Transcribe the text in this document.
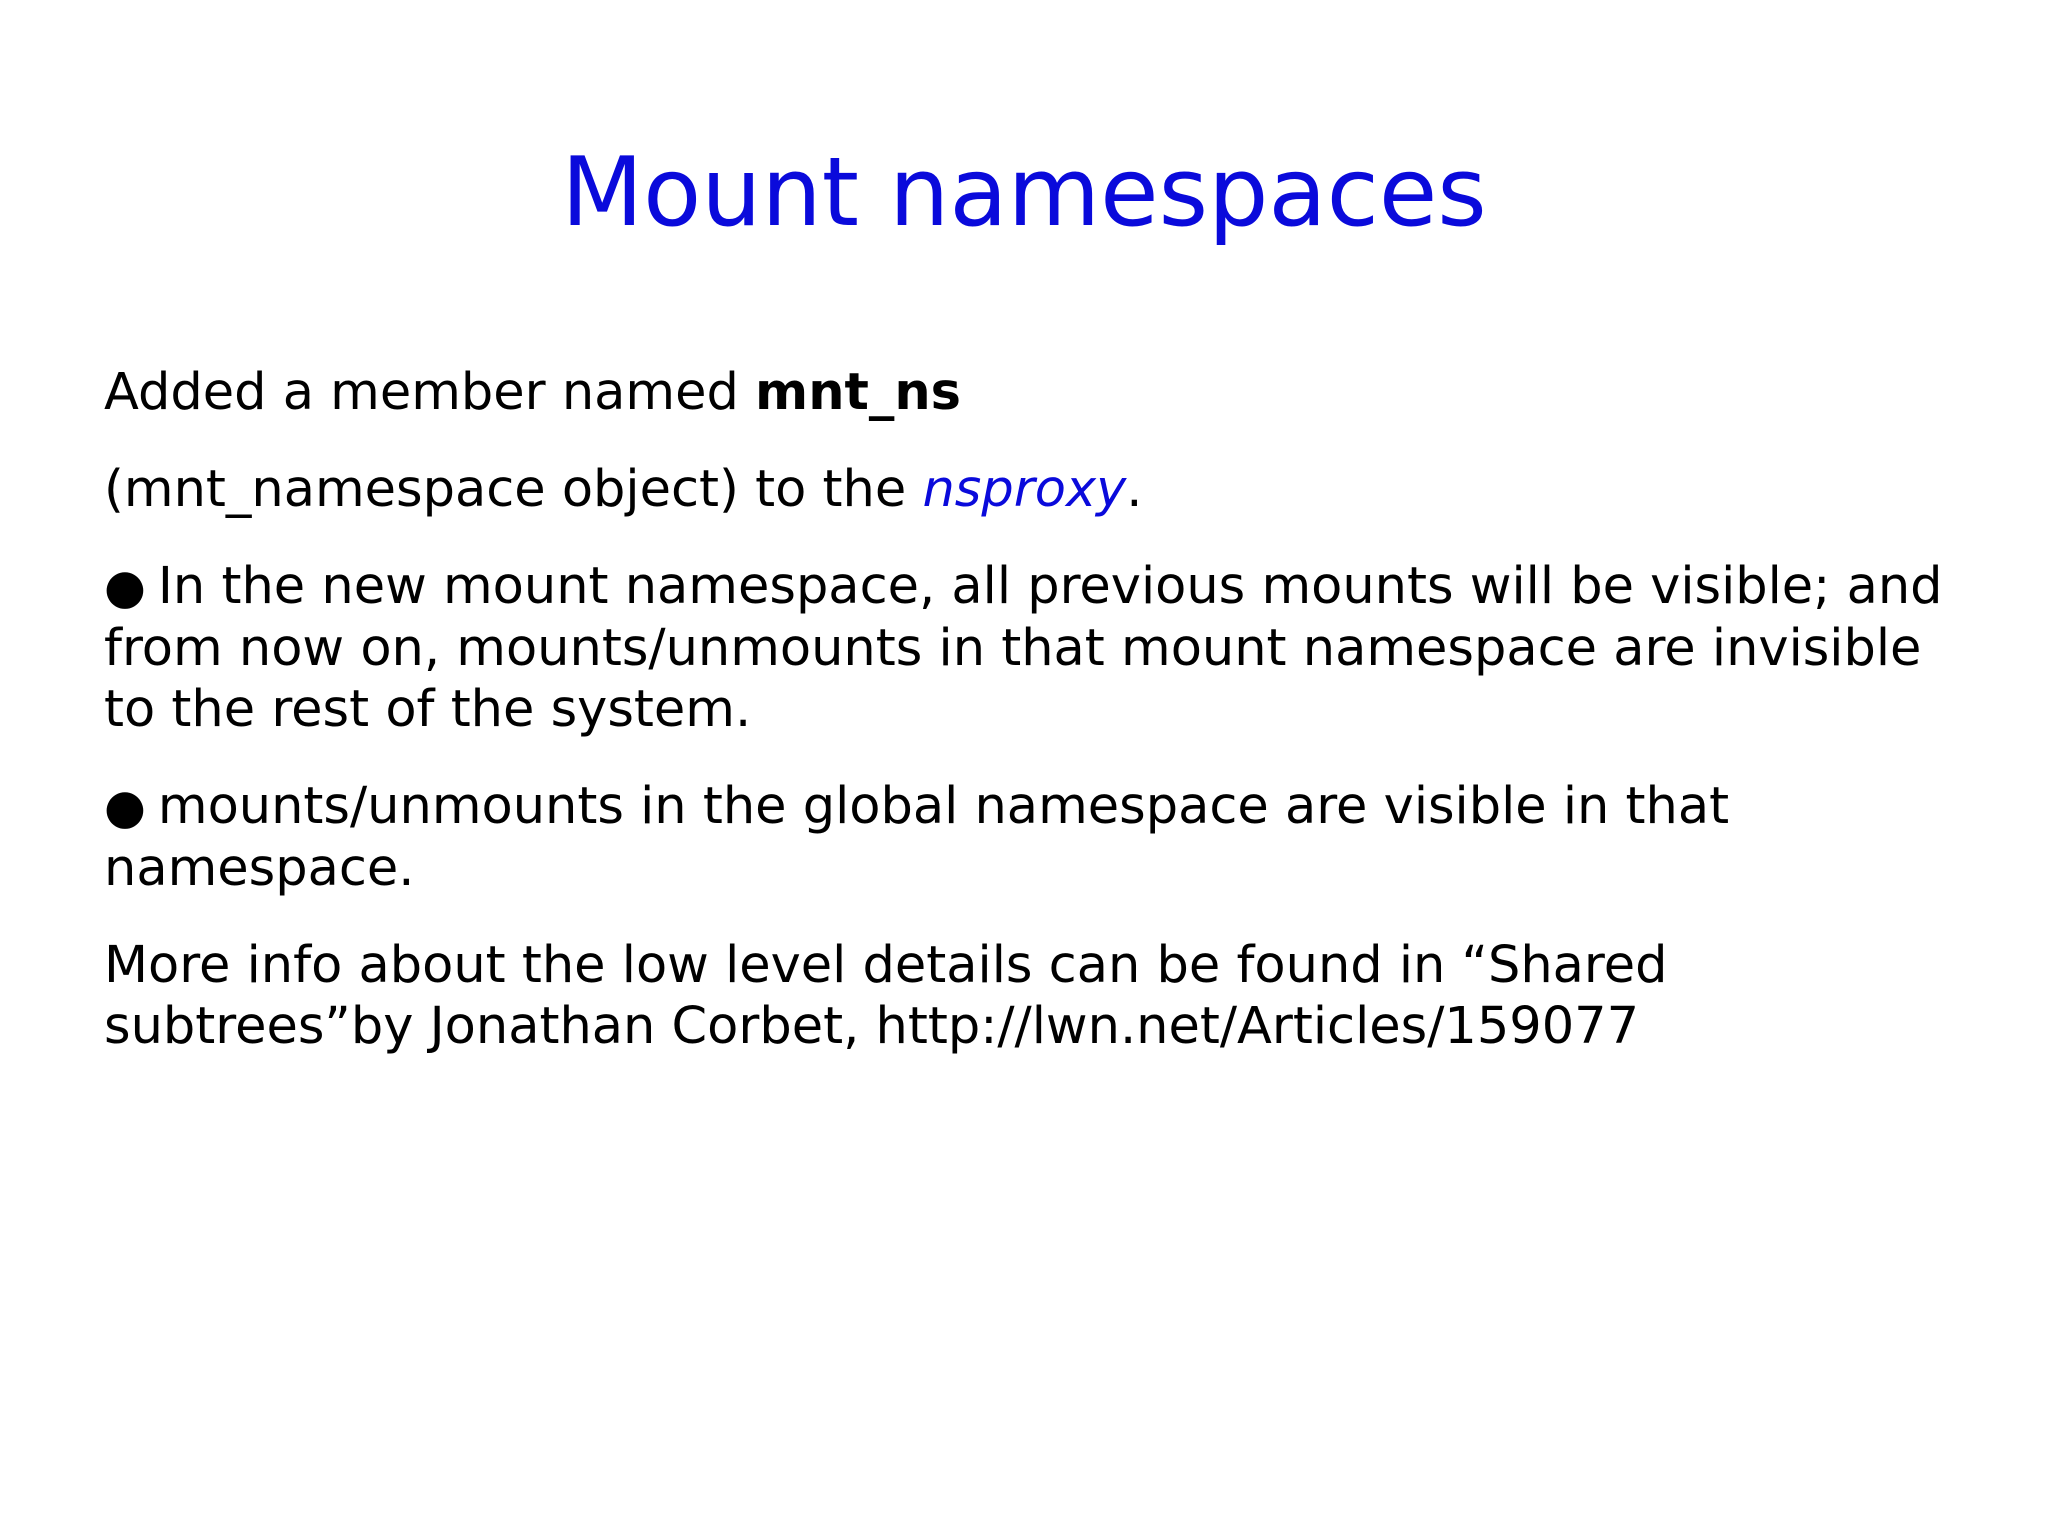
Mount namespaces

Added a member named mnt_ns

(mnt_namespace object) to the nsproxy.

● In the new mount namespace, all previous mounts will be visible; and from now on, mounts/unmounts in that mount namespace are invisible to the rest of the system.

● mounts/unmounts in the global namespace are visible in that namespace.

More info about the low level details can be found in “Shared subtrees”by Jonathan Corbet, http://lwn.net/Articles/159077
